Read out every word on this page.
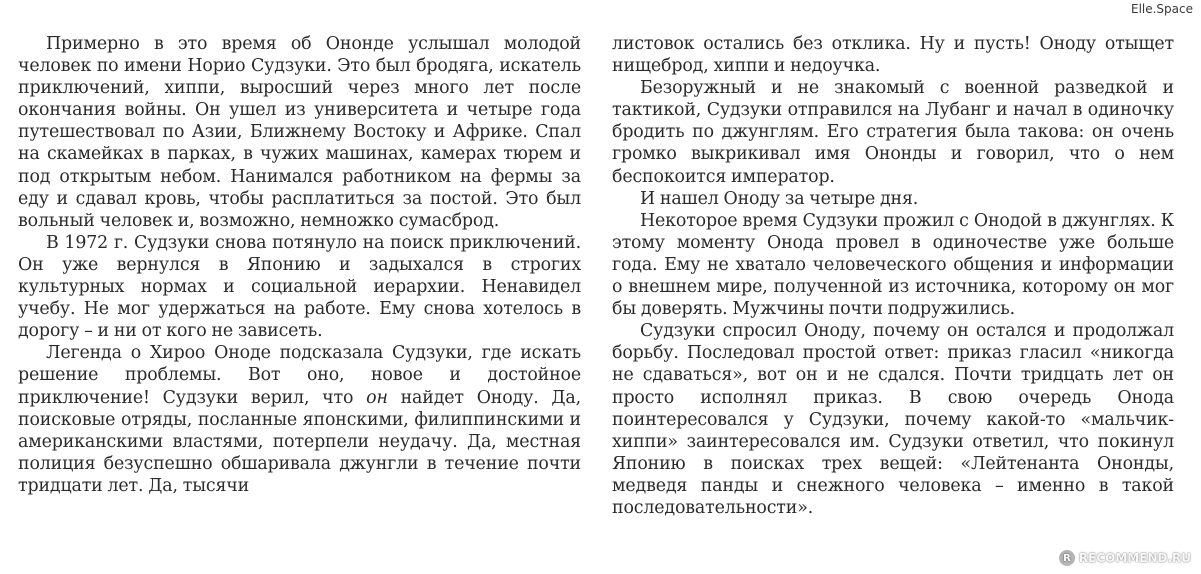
Примерно в это время об Ононде услышал молодой человек по имени Норио Судзуки. Это был бродяга, искатель приключений, хиппи, выросший через много лет после окончания войны. Он ушел из университета и четыре года путешествовал по Азии, Ближнему Востоку и Африке. Спал на скамейках в парках, в чужих машинах, камерах тюрем и под открытым небом. Нанимался работником на фермы за еду и сдавал кровь, чтобы расплатиться за постой. Это был вольный человек и, возможно, немножко сумасброд.

В 1972 г. Судзуки снова потянуло на поиск приключений. Он уже вернулся в Японию и задыхался в строгих культурных нормах и социальной иерархии. Ненавидел учебу. Не мог удержаться на работе. Ему снова хотелось в дорогу – и ни от кого не зависеть.

Легенда о Хироо Оноде подсказала Судзуки, где искать решение проблемы. Вот оно, новое и достойное приключение! Судзуки верил, что он найдет Оноду. Да, поисковые отряды, посланные японскими, филиппинскими и американскими властями, потерпели неудачу. Да, местная полиция безуспешно обшаривала джунгли в течение почти тридцати лет. Да, тысячи

листовок остались без отклика. Ну и пусть! Оноду отыщет нищеброд, хиппи и недоучка.

Безоружный и не знакомый с военной разведкой и тактикой, Судзуки отправился на Лубанг и начал в одиночку бродить по джунглям. Его стратегия была такова: он очень громко выкрикивал имя Ононды и говорил, что о нем беспокоится император.

И нашел Оноду за четыре дня.

Некоторое время Судзуки прожил с Онодой в джунглях. К этому моменту Онода провел в одиночестве уже больше года. Ему не хватало человеческого общения и информации о внешнем мире, полученной из источника, которому он мог бы доверять. Мужчины почти подружились.

Судзуки спросил Оноду, почему он остался и продолжал борьбу. Последовал простой ответ: приказ гласил «никогда не сдаваться», вот он и не сдался. Почти тридцать лет он просто исполнял приказ. В свою очередь Онода поинтересовался у Судзуки, почему какой-то «мальчик-хиппи» заинтересовался им. Судзуки ответил, что покинул Японию в поисках трех вещей: «Лейтенанта Ононды, медведя панды и снежного человека – именно в такой последовательности».

Elle.Space
R RECOMMEND.RU
